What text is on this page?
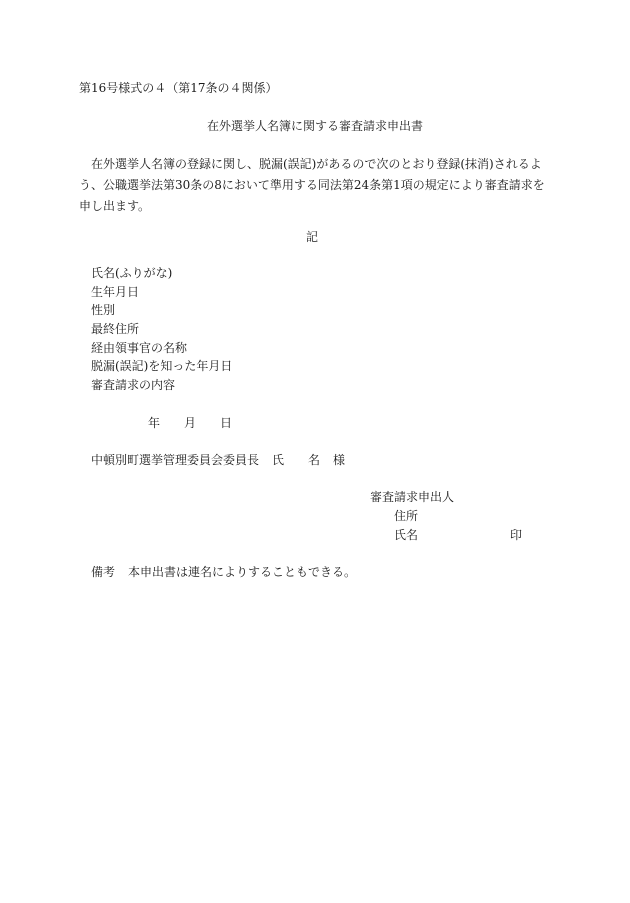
第16号様式の４（第17条の４関係）
在外選挙人名簿に関する審査請求申出書
在外選挙人名簿の登録に関し、脱漏(誤記)があるので次のとおり登録(抹消)されるよう、公職選挙法第30条の8において準用する同法第24条第1項の規定により審査請求を申し出ます。
記
氏名(ふりがな)
生年月日
性別
最終住所
経由領事官の名称
脱漏(誤記)を知った年月日
審査請求の内容
年 月 日
中頓別町選挙管理委員会委員長 氏 名 様
審査請求申出人
住所
氏名	印
備考 本申出書は連名によりすることもできる。
